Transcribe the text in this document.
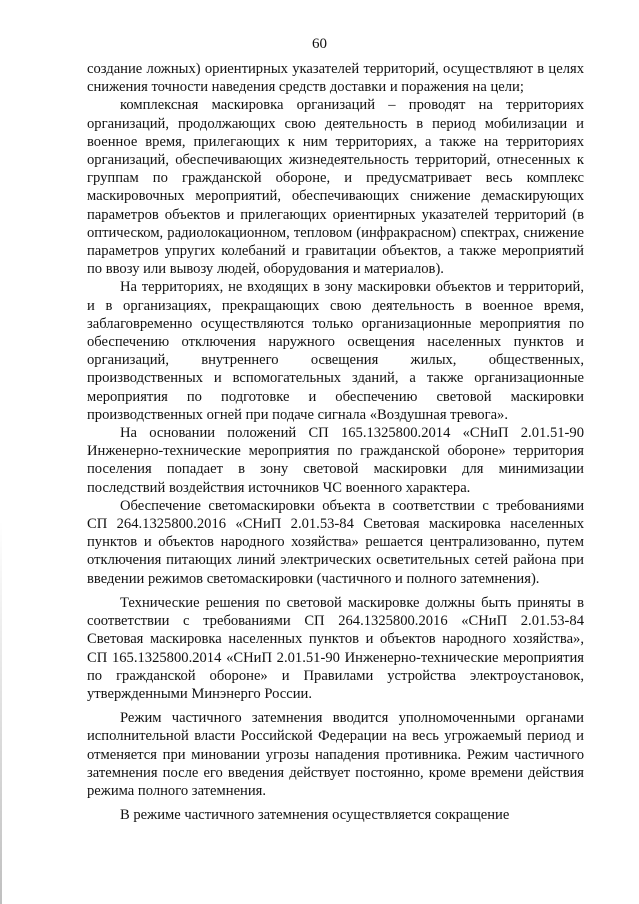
60

создание ложных) ориентирных указателей территорий, осуществляют в целях снижения точности наведения средств доставки и поражения на цели;

комплексная маскировка организаций – проводят на территориях организаций, продолжающих свою деятельность в период мобилизации и военное время, прилегающих к ним территориях, а также на территориях организаций, обеспечивающих жизнедеятельность территорий, отнесенных к группам по гражданской обороне, и предусматривает весь комплекс маскировочных мероприятий, обеспечивающих снижение демаскирующих параметров объектов и прилегающих ориентирных указателей территорий (в оптическом, радиолокационном, тепловом (инфракрасном) спектрах, снижение параметров упругих колебаний и гравитации объектов, а также мероприятий по ввозу или вывозу людей, оборудования и материалов).

На территориях, не входящих в зону маскировки объектов и территорий, и в организациях, прекращающих свою деятельность в военное время, заблаговременно осуществляются только организационные мероприятия по обеспечению отключения наружного освещения населенных пунктов и организаций, внутреннего освещения жилых, общественных, производственных и вспомогательных зданий, а также организационные мероприятия по подготовке и обеспечению световой маскировки производственных огней при подаче сигнала «Воздушная тревога».

На основании положений СП 165.1325800.2014 «СНиП 2.01.51-90 Инженерно-технические мероприятия по гражданской обороне» территория поселения попадает в зону световой маскировки для минимизации последствий воздействия источников ЧС военного характера.

Обеспечение светомаскировки объекта в соответствии с требованиями СП 264.1325800.2016 «СНиП 2.01.53-84 Световая маскировка населенных пунктов и объектов народного хозяйства» решается централизованно, путем отключения питающих линий электрических осветительных сетей района при введении режимов светомаскировки (частичного и полного затемнения).

Технические решения по световой маскировке должны быть приняты в соответствии с требованиями СП 264.1325800.2016 «СНиП 2.01.53-84 Световая маскировка населенных пунктов и объектов народного хозяйства», СП 165.1325800.2014 «СНиП 2.01.51-90 Инженерно-технические мероприятия по гражданской обороне» и Правилами устройства электроустановок, утвержденными Минэнерго России.

Режим частичного затемнения вводится уполномоченными органами исполнительной власти Российской Федерации на весь угрожаемый период и отменяется при миновании угрозы нападения противника. Режим частичного затемнения после его введения действует постоянно, кроме времени действия режима полного затемнения.

В режиме частичного затемнения осуществляется сокращение
